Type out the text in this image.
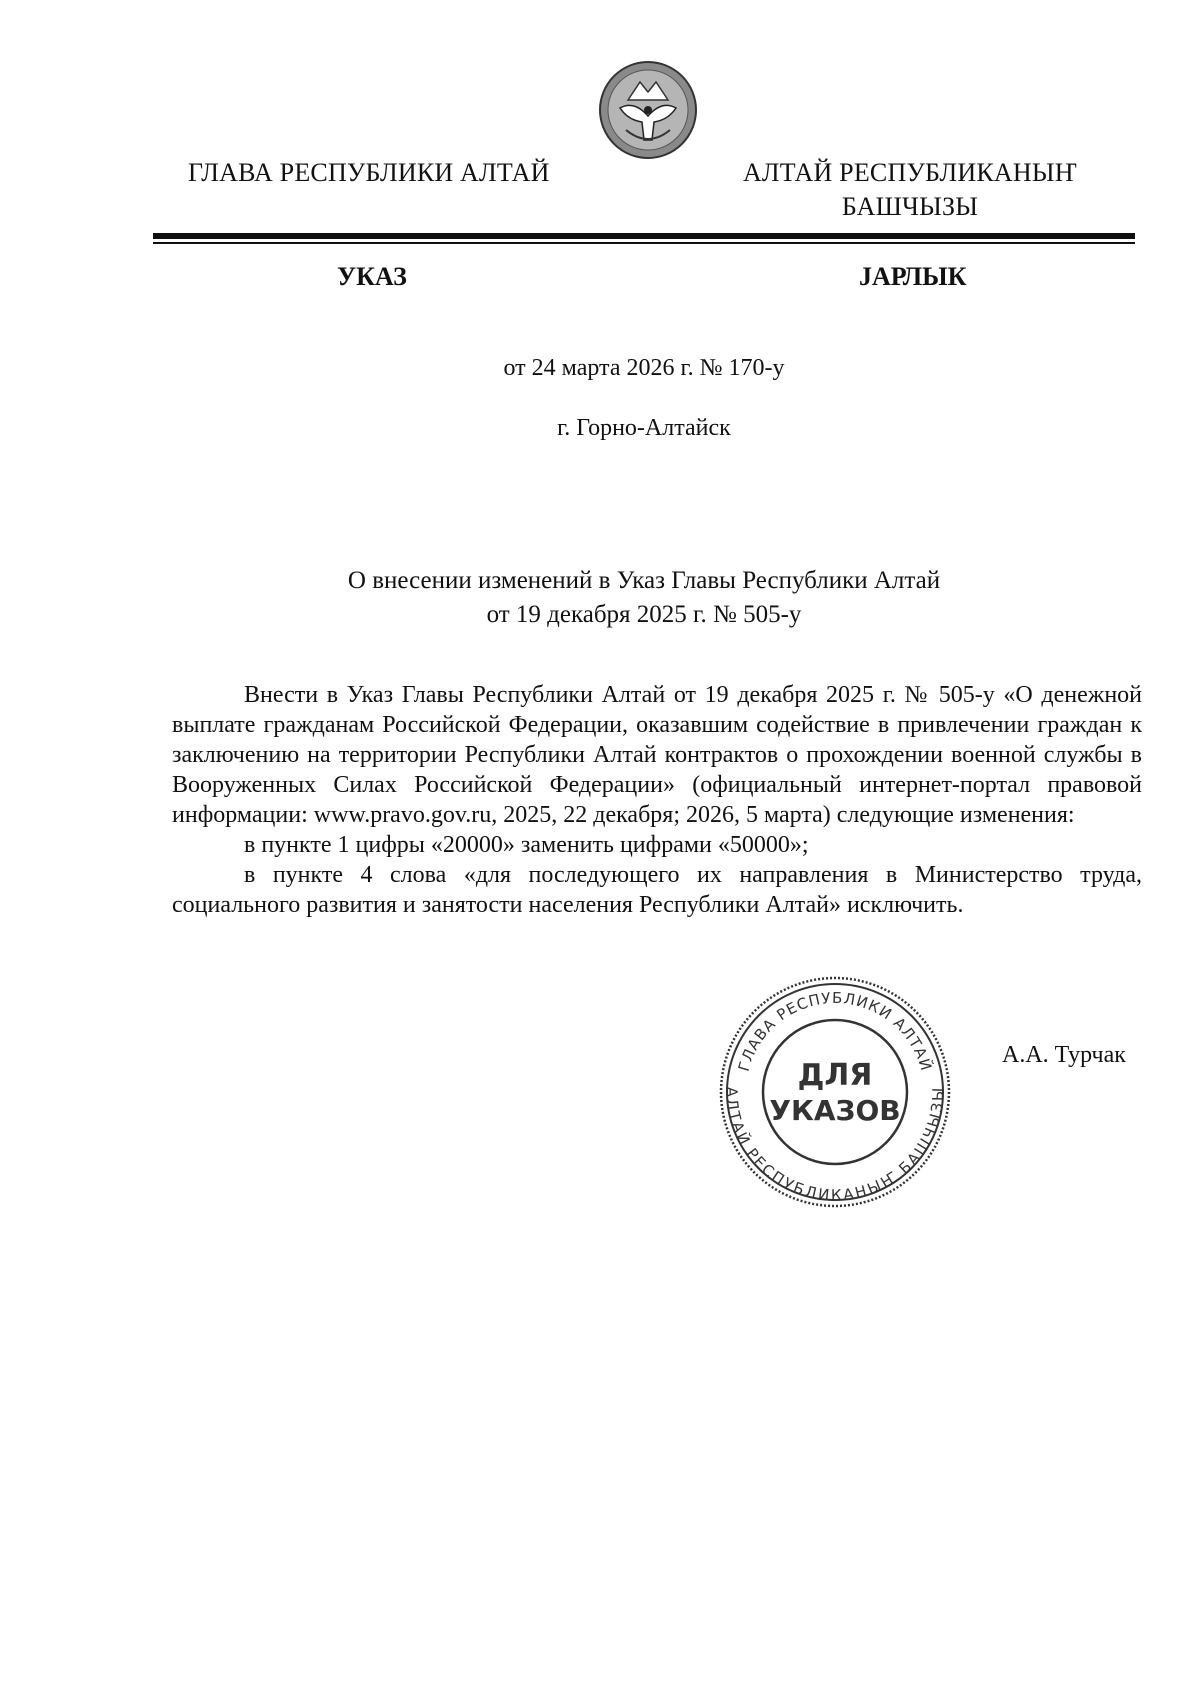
ГЛАВА РЕСПУБЛИКИ АЛТАЙ	АЛТАЙ РЕСПУБЛИКАНЫҤ
БАШЧЫЗЫ
УКАЗ	ЈАРЛЫК
от 24 марта 2026 г. № 170-у
г. Горно-Алтайск
О внесении изменений в Указ Главы Республики Алтай
от 19 декабря 2025 г. № 505-у

Внести в Указ Главы Республики Алтай от 19 декабря 2025 г. № 505-у «О денежной выплате гражданам Российской Федерации, оказавшим содействие в привлечении граждан к заключению на территории Республики Алтай контрактов о прохождении военной службы в Вооруженных Силах Российской Федерации» (официальный интернет-портал правовой информации: www.pravo.gov.ru, 2025, 22 декабря; 2026, 5 марта) следующие изменения:

в пункте 1 цифры «20000» заменить цифрами «50000»;

в пункте 4 слова «для последующего их направления в Министерство труда, социального развития и занятости населения Республики Алтай» исключить.

ГЛАВА РЕСПУБЛИКИ АЛТАЙ
АЛТАЙ РЕСПУБЛИКАНЫҤ БАШЧЫЗЫ
ДЛЯ
УКАЗОВ
А.А. Турчак
